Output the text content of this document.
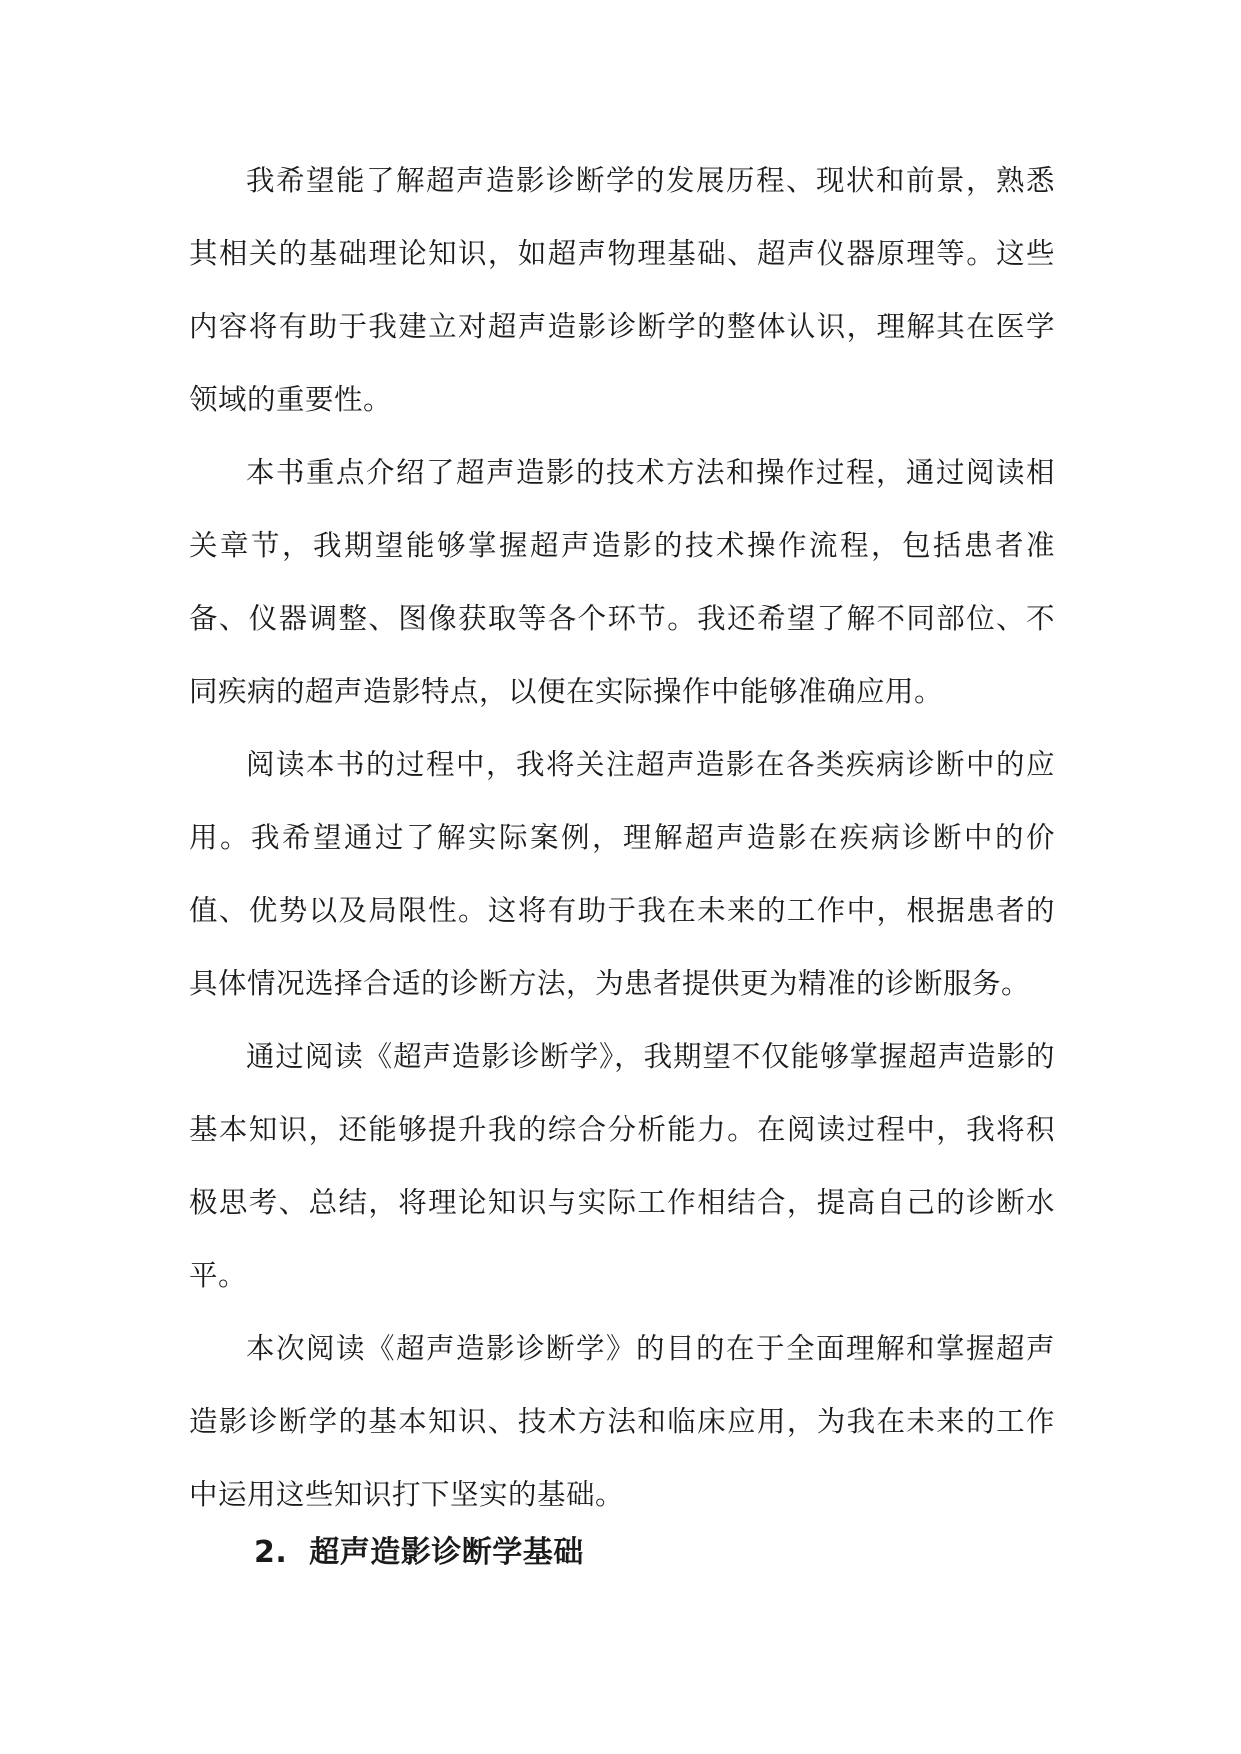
我希望能了解超声造影诊断学的发展历程、现状和前景，熟悉其相关的基础理论知识，如超声物理基础、超声仪器原理等。这些内容将有助于我建立对超声造影诊断学的整体认识，理解其在医学领域的重要性。

本书重点介绍了超声造影的技术方法和操作过程，通过阅读相关章节，我期望能够掌握超声造影的技术操作流程，包括患者准备、仪器调整、图像获取等各个环节。我还希望了解不同部位、不同疾病的超声造影特点，以便在实际操作中能够准确应用。

阅读本书的过程中，我将关注超声造影在各类疾病诊断中的应用。我希望通过了解实际案例，理解超声造影在疾病诊断中的价值、优势以及局限性。这将有助于我在未来的工作中，根据患者的具体情况选择合适的诊断方法，为患者提供更为精准的诊断服务。

通过阅读《超声造影诊断学》，我期望不仅能够掌握超声造影的基本知识，还能够提升我的综合分析能力。在阅读过程中，我将积极思考、总结，将理论知识与实际工作相结合，提高自己的诊断水平。

本次阅读《超声造影诊断学》的目的在于全面理解和掌握超声造影诊断学的基本知识、技术方法和临床应用，为我在未来的工作中运用这些知识打下坚实的基础。

2. 超声造影诊断学基础
